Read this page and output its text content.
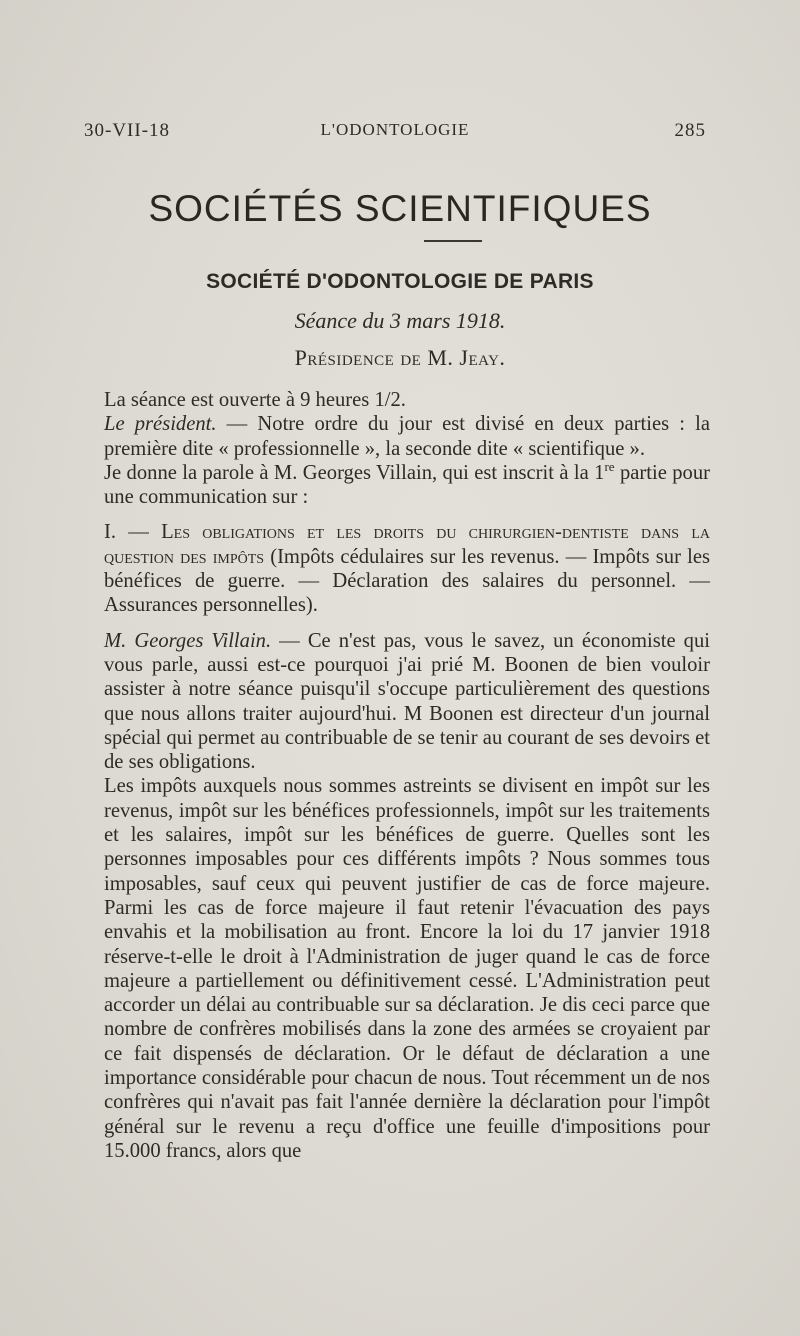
30-VII-18	L'ODONTOLOGIE	285
SOCIÉTÉS SCIENTIFIQUES
SOCIÉTÉ D'ODONTOLOGIE DE PARIS
Séance du 3 mars 1918.
Présidence de M. Jeay.

La séance est ouverte à 9 heures 1/2.

Le président. — Notre ordre du jour est divisé en deux parties : la première dite « professionnelle », la seconde dite « scientifique ».

Je donne la parole à M. Georges Villain, qui est inscrit à la 1re partie pour une communication sur :

I. — Les obligations et les droits du chirurgien-dentiste dans la question des impôts (Impôts cédulaires sur les revenus. — Impôts sur les bénéfices de guerre. — Déclaration des salaires du personnel. — Assurances personnelles).

M. Georges Villain. — Ce n'est pas, vous le savez, un économiste qui vous parle, aussi est-ce pourquoi j'ai prié M. Boonen de bien vouloir assister à notre séance puisqu'il s'occupe particulièrement des questions que nous allons traiter aujourd'hui. M Boonen est directeur d'un journal spécial qui permet au contribuable de se tenir au courant de ses devoirs et de ses obligations.

Les impôts auxquels nous sommes astreints se divisent en impôt sur les revenus, impôt sur les bénéfices professionnels, impôt sur les traitements et les salaires, impôt sur les bénéfices de guerre. Quelles sont les personnes imposables pour ces différents impôts ? Nous sommes tous imposables, sauf ceux qui peuvent justifier de cas de force majeure. Parmi les cas de force majeure il faut retenir l'évacuation des pays envahis et la mobilisation au front. Encore la loi du 17 janvier 1918 réserve-t-elle le droit à l'Administration de juger quand le cas de force majeure a partiellement ou définitivement cessé. L'Administration peut accorder un délai au contribuable sur sa déclaration. Je dis ceci parce que nombre de confrères mobilisés dans la zone des armées se croyaient par ce fait dispensés de déclaration. Or le défaut de déclaration a une importance considérable pour chacun de nous. Tout récemment un de nos confrères qui n'avait pas fait l'année dernière la déclaration pour l'impôt général sur le revenu a reçu d'office une feuille d'impositions pour 15.000 francs, alors que
